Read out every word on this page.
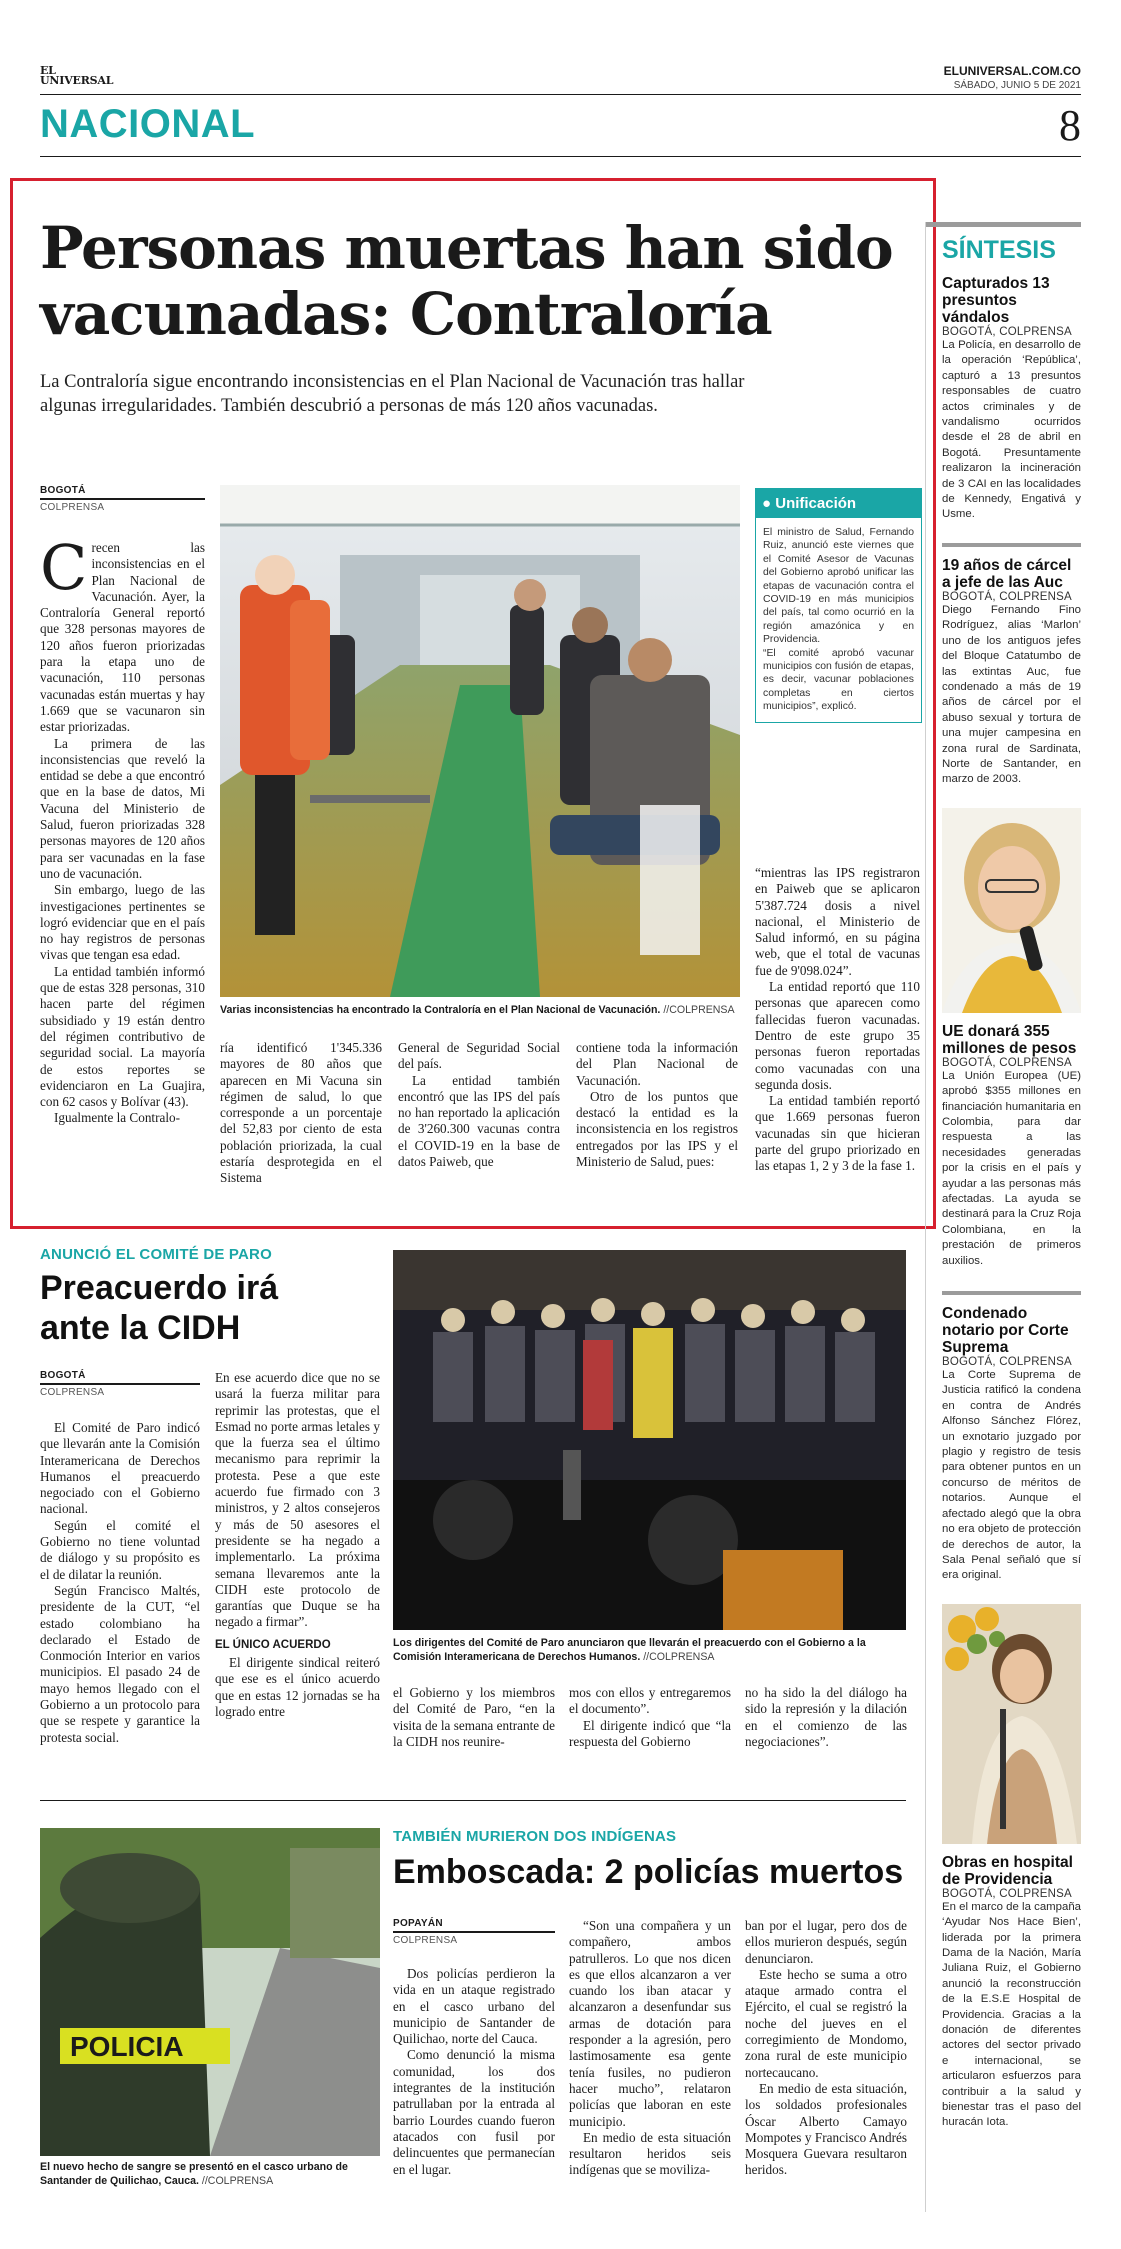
EL UNIVERSAL
ELUNIVERSAL.COM.CO
SÁBADO, JUNIO 5 DE 2021
NACIONAL	8
Personas muertas han sido
vacunadas: Contraloría
La Contraloría sigue encontrando inconsistencias en el Plan Nacional de Vacunación tras hallar
algunas irregularidades. También descubrió a personas de más 120 años vacunadas.
BOGOTÁ
COLPRENSA

Crecen las inconsistencias en el Plan Nacional de Vacunación. Ayer, la Contraloría General reportó que 328 personas mayores de 120 años fueron priorizadas para la etapa uno de vacunación, 110 personas vacunadas están muertas y hay 1.669 que se vacunaron sin estar priorizadas.

La primera de las inconsistencias que reveló la entidad se debe a que encontró que en la base de datos, Mi Vacuna del Ministerio de Salud, fueron priorizadas 328 personas mayores de 120 años para ser vacunadas en la fase uno de vacunación.

Sin embargo, luego de las investigaciones pertinentes se logró evidenciar que en el país no hay registros de personas vivas que tengan esa edad.

La entidad también informó que de estas 328 personas, 310 hacen parte del régimen subsidiado y 19 están dentro del régimen contributivo de seguridad social. La mayoría de estos reportes se evidenciaron en La Guajira, con 62 casos y Bolívar (43).

Igualmente la Contralo-

Varias inconsistencias ha encontrado la Contraloría en el Plan Nacional de Vacunación. //COLPRENSA
● Unificación
El ministro de Salud, Fernando Ruiz, anunció este viernes que el Comité Asesor de Vacunas del Gobierno aprobó unificar las etapas de vacunación contra el COVID-19 en más municipios del país, tal como ocurrió en la región amazónica y en Providencia.
“El comité aprobó vacunar municipios con fusión de etapas, es decir, vacunar poblaciones completas en ciertos municipios”, explicó.

ría identificó 1'345.336 mayores de 80 años que aparecen en Mi Vacuna sin régimen de salud, lo que corresponde a un porcentaje del 52,83 por ciento de esta población priorizada, la cual estaría desprotegida en el Sistema

General de Seguridad Social del país.

La entidad también encontró que las IPS del país no han reportado la aplicación de 3'260.300 vacunas contra el COVID-19 en la base de datos Paiweb, que

contiene toda la información del Plan Nacional de Vacunación.

Otro de los puntos que destacó la entidad es la inconsistencia en los registros entregados por las IPS y el Ministerio de Salud, pues:

“mientras las IPS registraron en Paiweb que se aplicaron 5'387.724 dosis a nivel nacional, el Ministerio de Salud informó, en su página web, que el total de vacunas fue de 9'098.024”.

La entidad reportó que 110 personas que aparecen como fallecidas fueron vacunadas. Dentro de este grupo 35 personas fueron reportadas como vacunadas con una segunda dosis.

La entidad también reportó que 1.669 personas fueron vacunadas sin que hicieran parte del grupo priorizado en las etapas 1, 2 y 3 de la fase 1.

ANUNCIÓ EL COMITÉ DE PARO
Preacuerdo irá
ante la CIDH
BOGOTÁ
COLPRENSA

El Comité de Paro indicó que llevarán ante la Comisión Interamericana de Derechos Humanos el preacuerdo negociado con el Gobierno nacional.

Según el comité el Gobierno no tiene voluntad de diálogo y su propósito es el de dilatar la reunión.

Según Francisco Maltés, presidente de la CUT, “el estado colombiano ha declarado el Estado de Conmoción Interior en varios municipios. El pasado 24 de mayo hemos llegado con el Gobierno a un protocolo para que se respete y garantice la protesta social.

En ese acuerdo dice que no se usará la fuerza militar para reprimir las protestas, que el Esmad no porte armas letales y que la fuerza sea el último mecanismo para reprimir la protesta. Pese a que este acuerdo fue firmado con 3 ministros, y 2 altos consejeros y más de 50 asesores el presidente se ha negado a implementarlo. La próxima semana llevaremos ante la CIDH este protocolo de garantías que Duque se ha negado a firmar”.

EL ÚNICO ACUERDO

El dirigente sindical reiteró que ese es el único acuerdo que en estas 12 jornadas se ha logrado entre

Los dirigentes del Comité de Paro anunciaron que llevarán el preacuerdo con el Gobierno a la Comisión Interamericana de Derechos Humanos. //COLPRENSA

el Gobierno y los miembros del Comité de Paro, “en la visita de la semana entrante de la CIDH nos reunire-

mos con ellos y entregaremos el documento”.

El dirigente indicó que “la respuesta del Gobierno

no ha sido la del diálogo ha sido la represión y la dilación en el comienzo de las negociaciones”.

POLICIA
El nuevo hecho de sangre se presentó en el casco urbano de Santander de Quilichao, Cauca. //COLPRENSA
TAMBIÉN MURIERON DOS INDÍGENAS
Emboscada: 2 policías muertos
POPAYÁN
COLPRENSA

Dos policías perdieron la vida en un ataque registrado en el casco urbano del municipio de Santander de Quilichao, norte del Cauca.

Como denunció la misma comunidad, los dos integrantes de la institución patrullaban por la entrada al barrio Lourdes cuando fueron atacados con fusil por delincuentes que permanecían en el lugar.

“Son una compañera y un compañero, ambos patrulleros. Lo que nos dicen es que ellos alcanzaron a ver cuando los iban atacar y alcanzaron a desenfundar sus armas de dotación para responder a la agresión, pero lastimosamente esa gente tenía fusiles, no pudieron hacer mucho”, relataron policías que laboran en este municipio.

En medio de esta situación resultaron heridos seis indígenas que se moviliza-

ban por el lugar, pero dos de ellos murieron después, según denunciaron.

Este hecho se suma a otro ataque armado contra el Ejército, el cual se registró la noche del jueves en el corregimiento de Mondomo, zona rural de este municipio nortecaucano.

En medio de esta situación, los soldados profesionales Óscar Alberto Camayo Mompotes y Francisco Andrés Mosquera Guevara resultaron heridos.

SÍNTESIS
Capturados 13 presuntos vándalos
BOGOTÁ, COLPRENSA
La Policía, en desarrollo de la operación ‘República’, capturó a 13 presuntos responsables de cuatro actos criminales y de vandalismo ocurridos desde el 28 de abril en Bogotá. Presuntamente realizaron la incineración de 3 CAI en las localidades de Kennedy, Engativá y Usme.
19 años de cárcel a jefe de las Auc
BOGOTÁ, COLPRENSA
Diego Fernando Fino Rodríguez, alias ‘Marlon’ uno de los antiguos jefes del Bloque Catatumbo de las extintas Auc, fue condenado a más de 19 años de cárcel por el abuso sexual y tortura de una mujer campesina en zona rural de Sardinata, Norte de Santander, en marzo de 2003.
UE donará 355 millones de pesos
BOGOTÁ, COLPRENSA
La Unión Europea (UE) aprobó $355 millones en financiación humanitaria en Colombia, para dar respuesta a las necesidades generadas por la crisis en el país y ayudar a las personas más afectadas. La ayuda se destinará para la Cruz Roja Colombiana, en la prestación de primeros auxilios.
Condenado notario por Corte Suprema
BOGOTÁ, COLPRENSA
La Corte Suprema de Justicia ratificó la condena en contra de Andrés Alfonso Sánchez Flórez, un exnotario juzgado por plagio y registro de tesis para obtener puntos en un concurso de méritos de notarios. Aunque el afectado alegó que la obra no era objeto de protección de derechos de autor, la Sala Penal señaló que sí era original.
Obras en hospital de Providencia
BOGOTÁ, COLPRENSA
En el marco de la campaña ‘Ayudar Nos Hace Bien’, liderada por la primera Dama de la Nación, María Juliana Ruiz, el Gobierno anunció la reconstrucción de la E.S.E Hospital de Providencia. Gracias a la donación de diferentes actores del sector privado e internacional, se articularon esfuerzos para contribuir a la salud y bienestar tras el paso del huracán Iota.
